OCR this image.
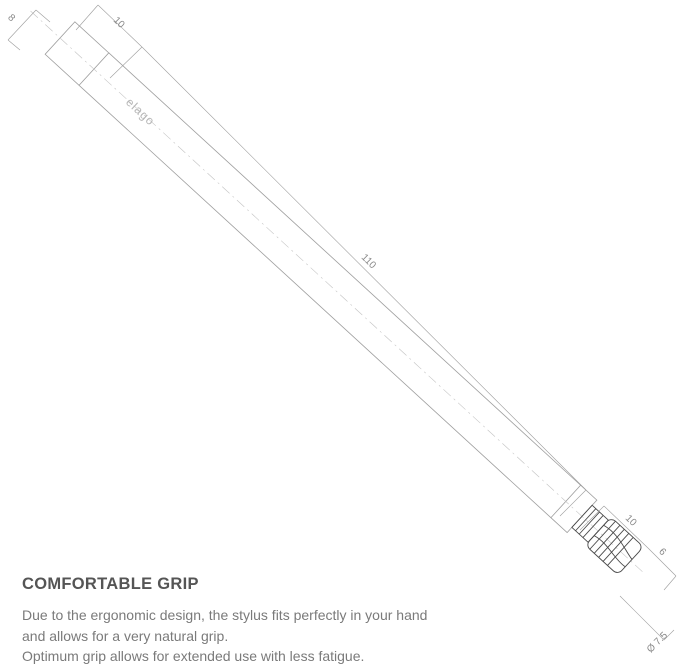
elago
8	10
110
10
6
Ø 7.5
COMFORTABLE GRIP

Due to the ergonomic design, the stylus fits perfectly in your hand

and allows for a very natural grip.

Optimum grip allows for extended use with less fatigue.
